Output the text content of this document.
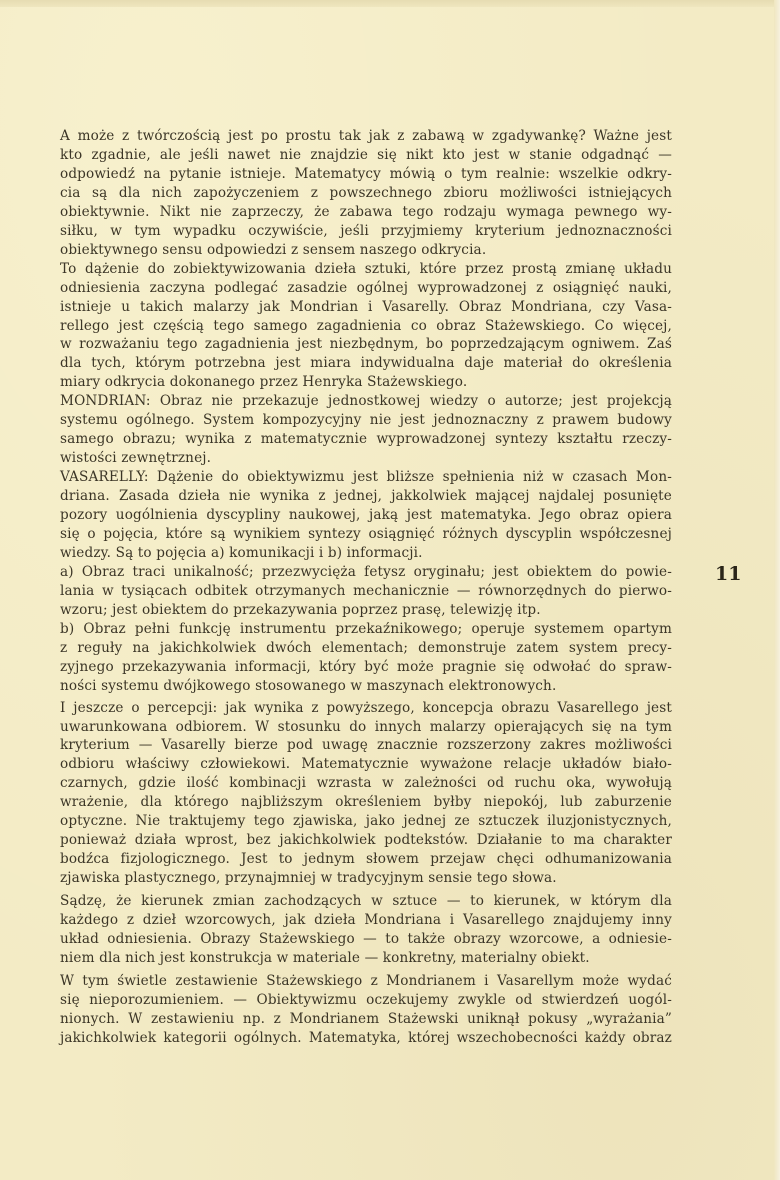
A może z twórczością jest po prostu tak jak z zabawą w zgadywankę? Ważne jest
kto zgadnie, ale jeśli nawet nie znajdzie się nikt kto jest w stanie odgadnąć —
odpowiedź na pytanie istnieje. Matematycy mówią o tym realnie: wszelkie odkry-
cia są dla nich zapożyczeniem z powszechnego zbioru możliwości istniejących
obiektywnie. Nikt nie zaprzeczy, że zabawa tego rodzaju wymaga pewnego wy-
siłku, w tym wypadku oczywiście, jeśli przyjmiemy kryterium jednoznaczności
obiektywnego sensu odpowiedzi z sensem naszego odkrycia.
To dążenie do zobiektywizowania dzieła sztuki, które przez prostą zmianę układu
odniesienia zaczyna podlegać zasadzie ogólnej wyprowadzonej z osiągnięć nauki,
istnieje u takich malarzy jak Mondrian i Vasarelly. Obraz Mondriana, czy Vasa-
rellego jest częścią tego samego zagadnienia co obraz Stażewskiego. Co więcej,
w rozważaniu tego zagadnienia jest niezbędnym, bo poprzedzającym ogniwem. Zaś
dla tych, którym potrzebna jest miara indywidualna daje materiał do określenia
miary odkrycia dokonanego przez Henryka Stażewskiego.
MONDRIAN: Obraz nie przekazuje jednostkowej wiedzy o autorze; jest projekcją
systemu ogólnego. System kompozycyjny nie jest jednoznaczny z prawem budowy
samego obrazu; wynika z matematycznie wyprowadzonej syntezy kształtu rzeczy-
wistości zewnętrznej.
VASARELLY: Dążenie do obiektywizmu jest bliższe spełnienia niż w czasach Mon-
driana. Zasada dzieła nie wynika z jednej, jakkolwiek mającej najdalej posunięte
pozory uogólnienia dyscypliny naukowej, jaką jest matematyka. Jego obraz opiera
się o pojęcia, które są wynikiem syntezy osiągnięć różnych dyscyplin współczesnej
wiedzy. Są to pojęcia a) komunikacji i b) informacji.
a) Obraz traci unikalność; przezwycięża fetysz oryginału; jest obiektem do powie-
lania w tysiącach odbitek otrzymanych mechanicznie — równorzędnych do pierwo-
wzoru; jest obiektem do przekazywania poprzez prasę, telewizję itp.
b) Obraz pełni funkcję instrumentu przekaźnikowego; operuje systemem opartym
z reguły na jakichkolwiek dwóch elementach; demonstruje zatem system precy-
zyjnego przekazywania informacji, który być może pragnie się odwołać do spraw-
ności systemu dwójkowego stosowanego w maszynach elektronowych.
I jeszcze o percepcji: jak wynika z powyższego, koncepcja obrazu Vasarellego jest
uwarunkowana odbiorem. W stosunku do innych malarzy opierających się na tym
kryterium — Vasarelly bierze pod uwagę znacznie rozszerzony zakres możliwości
odbioru właściwy człowiekowi. Matematycznie wyważone relacje układów biało-
czarnych, gdzie ilość kombinacji wzrasta w zależności od ruchu oka, wywołują
wrażenie, dla którego najbliższym określeniem byłby niepokój, lub zaburzenie
optyczne. Nie traktujemy tego zjawiska, jako jednej ze sztuczek iluzjonistycznych,
ponieważ działa wprost, bez jakichkolwiek podtekstów. Działanie to ma charakter
bodźca fizjologicznego. Jest to jednym słowem przejaw chęci odhumanizowania
zjawiska plastycznego, przynajmniej w tradycyjnym sensie tego słowa.
Sądzę, że kierunek zmian zachodzących w sztuce — to kierunek, w którym dla
każdego z dzieł wzorcowych, jak dzieła Mondriana i Vasarellego znajdujemy inny
układ odniesienia. Obrazy Stażewskiego — to także obrazy wzorcowe, a odniesie-
niem dla nich jest konstrukcja w materiale — konkretny, materialny obiekt.
W tym świetle zestawienie Stażewskiego z Mondrianem i Vasarellym może wydać
się nieporozumieniem. — Obiektywizmu oczekujemy zwykle od stwierdzeń uogól-
nionych. W zestawieniu np. z Mondrianem Stażewski uniknął pokusy „wyrażania”
jakichkolwiek kategorii ogólnych. Matematyka, której wszechobecności każdy obraz
11
